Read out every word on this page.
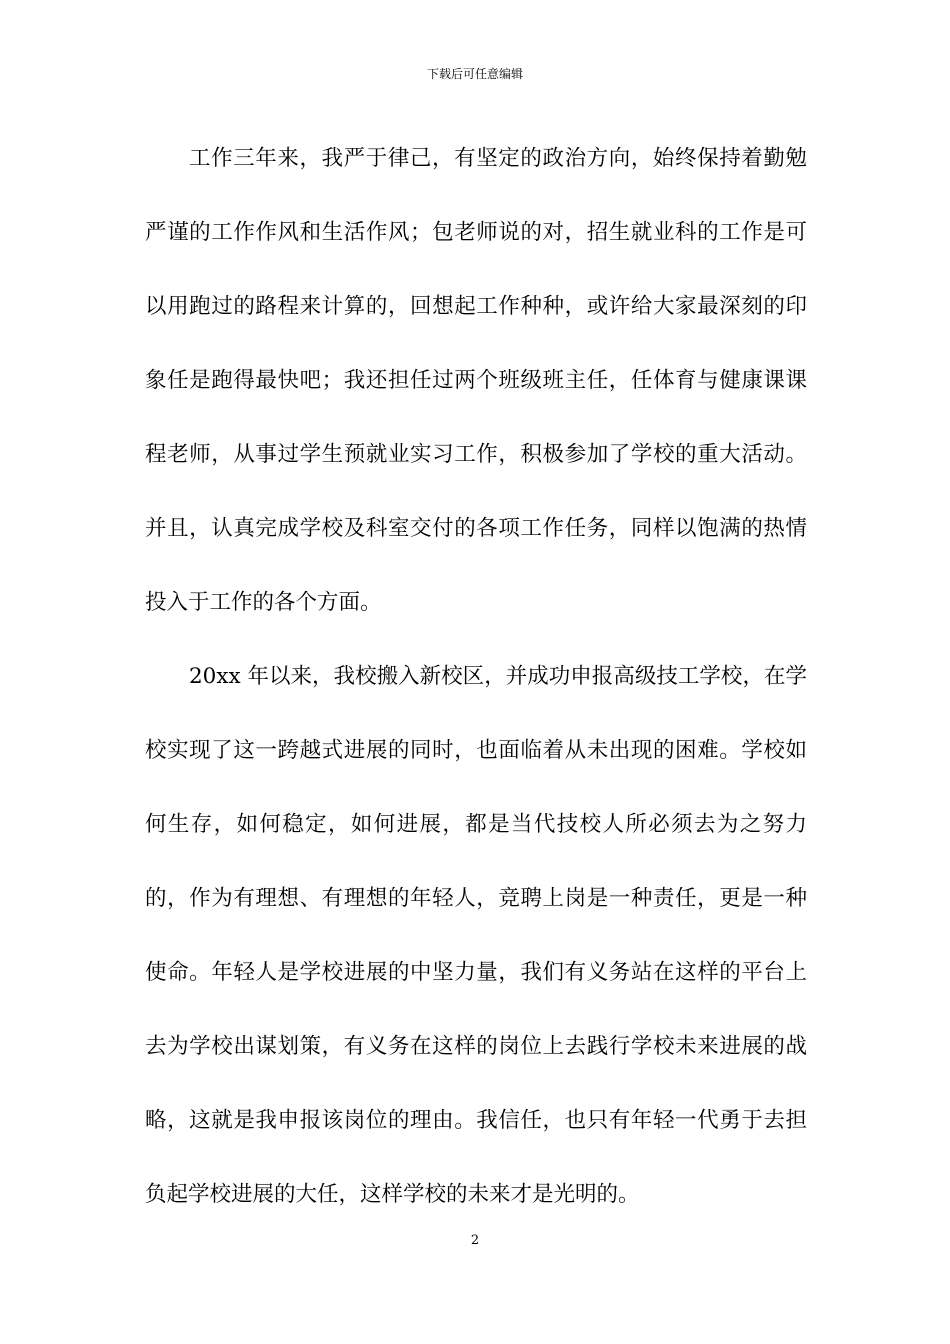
下载后可任意编辑

工作三年来，我严于律己，有坚定的政治方向，始终保持着勤勉严谨的工作作风和生活作风；包老师说的对，招生就业科的工作是可以用跑过的路程来计算的，回想起工作种种，或许给大家最深刻的印象任是跑得最快吧；我还担任过两个班级班主任，任体育与健康课课程老师，从事过学生预就业实习工作，积极参加了学校的重大活动。并且，认真完成学校及科室交付的各项工作任务，同样以饱满的热情投入于工作的各个方面。

20xx 年以来，我校搬入新校区，并成功申报高级技工学校，在学校实现了这一跨越式进展的同时，也面临着从未出现的困难。学校如何生存，如何稳定，如何进展，都是当代技校人所必须去为之努力的，作为有理想、有理想的年轻人，竞聘上岗是一种责任，更是一种使命。年轻人是学校进展的中坚力量，我们有义务站在这样的平台上去为学校出谋划策，有义务在这样的岗位上去践行学校未来进展的战略，这就是我申报该岗位的理由。我信任，也只有年轻一代勇于去担负起学校进展的大任，这样学校的未来才是光明的。

2
